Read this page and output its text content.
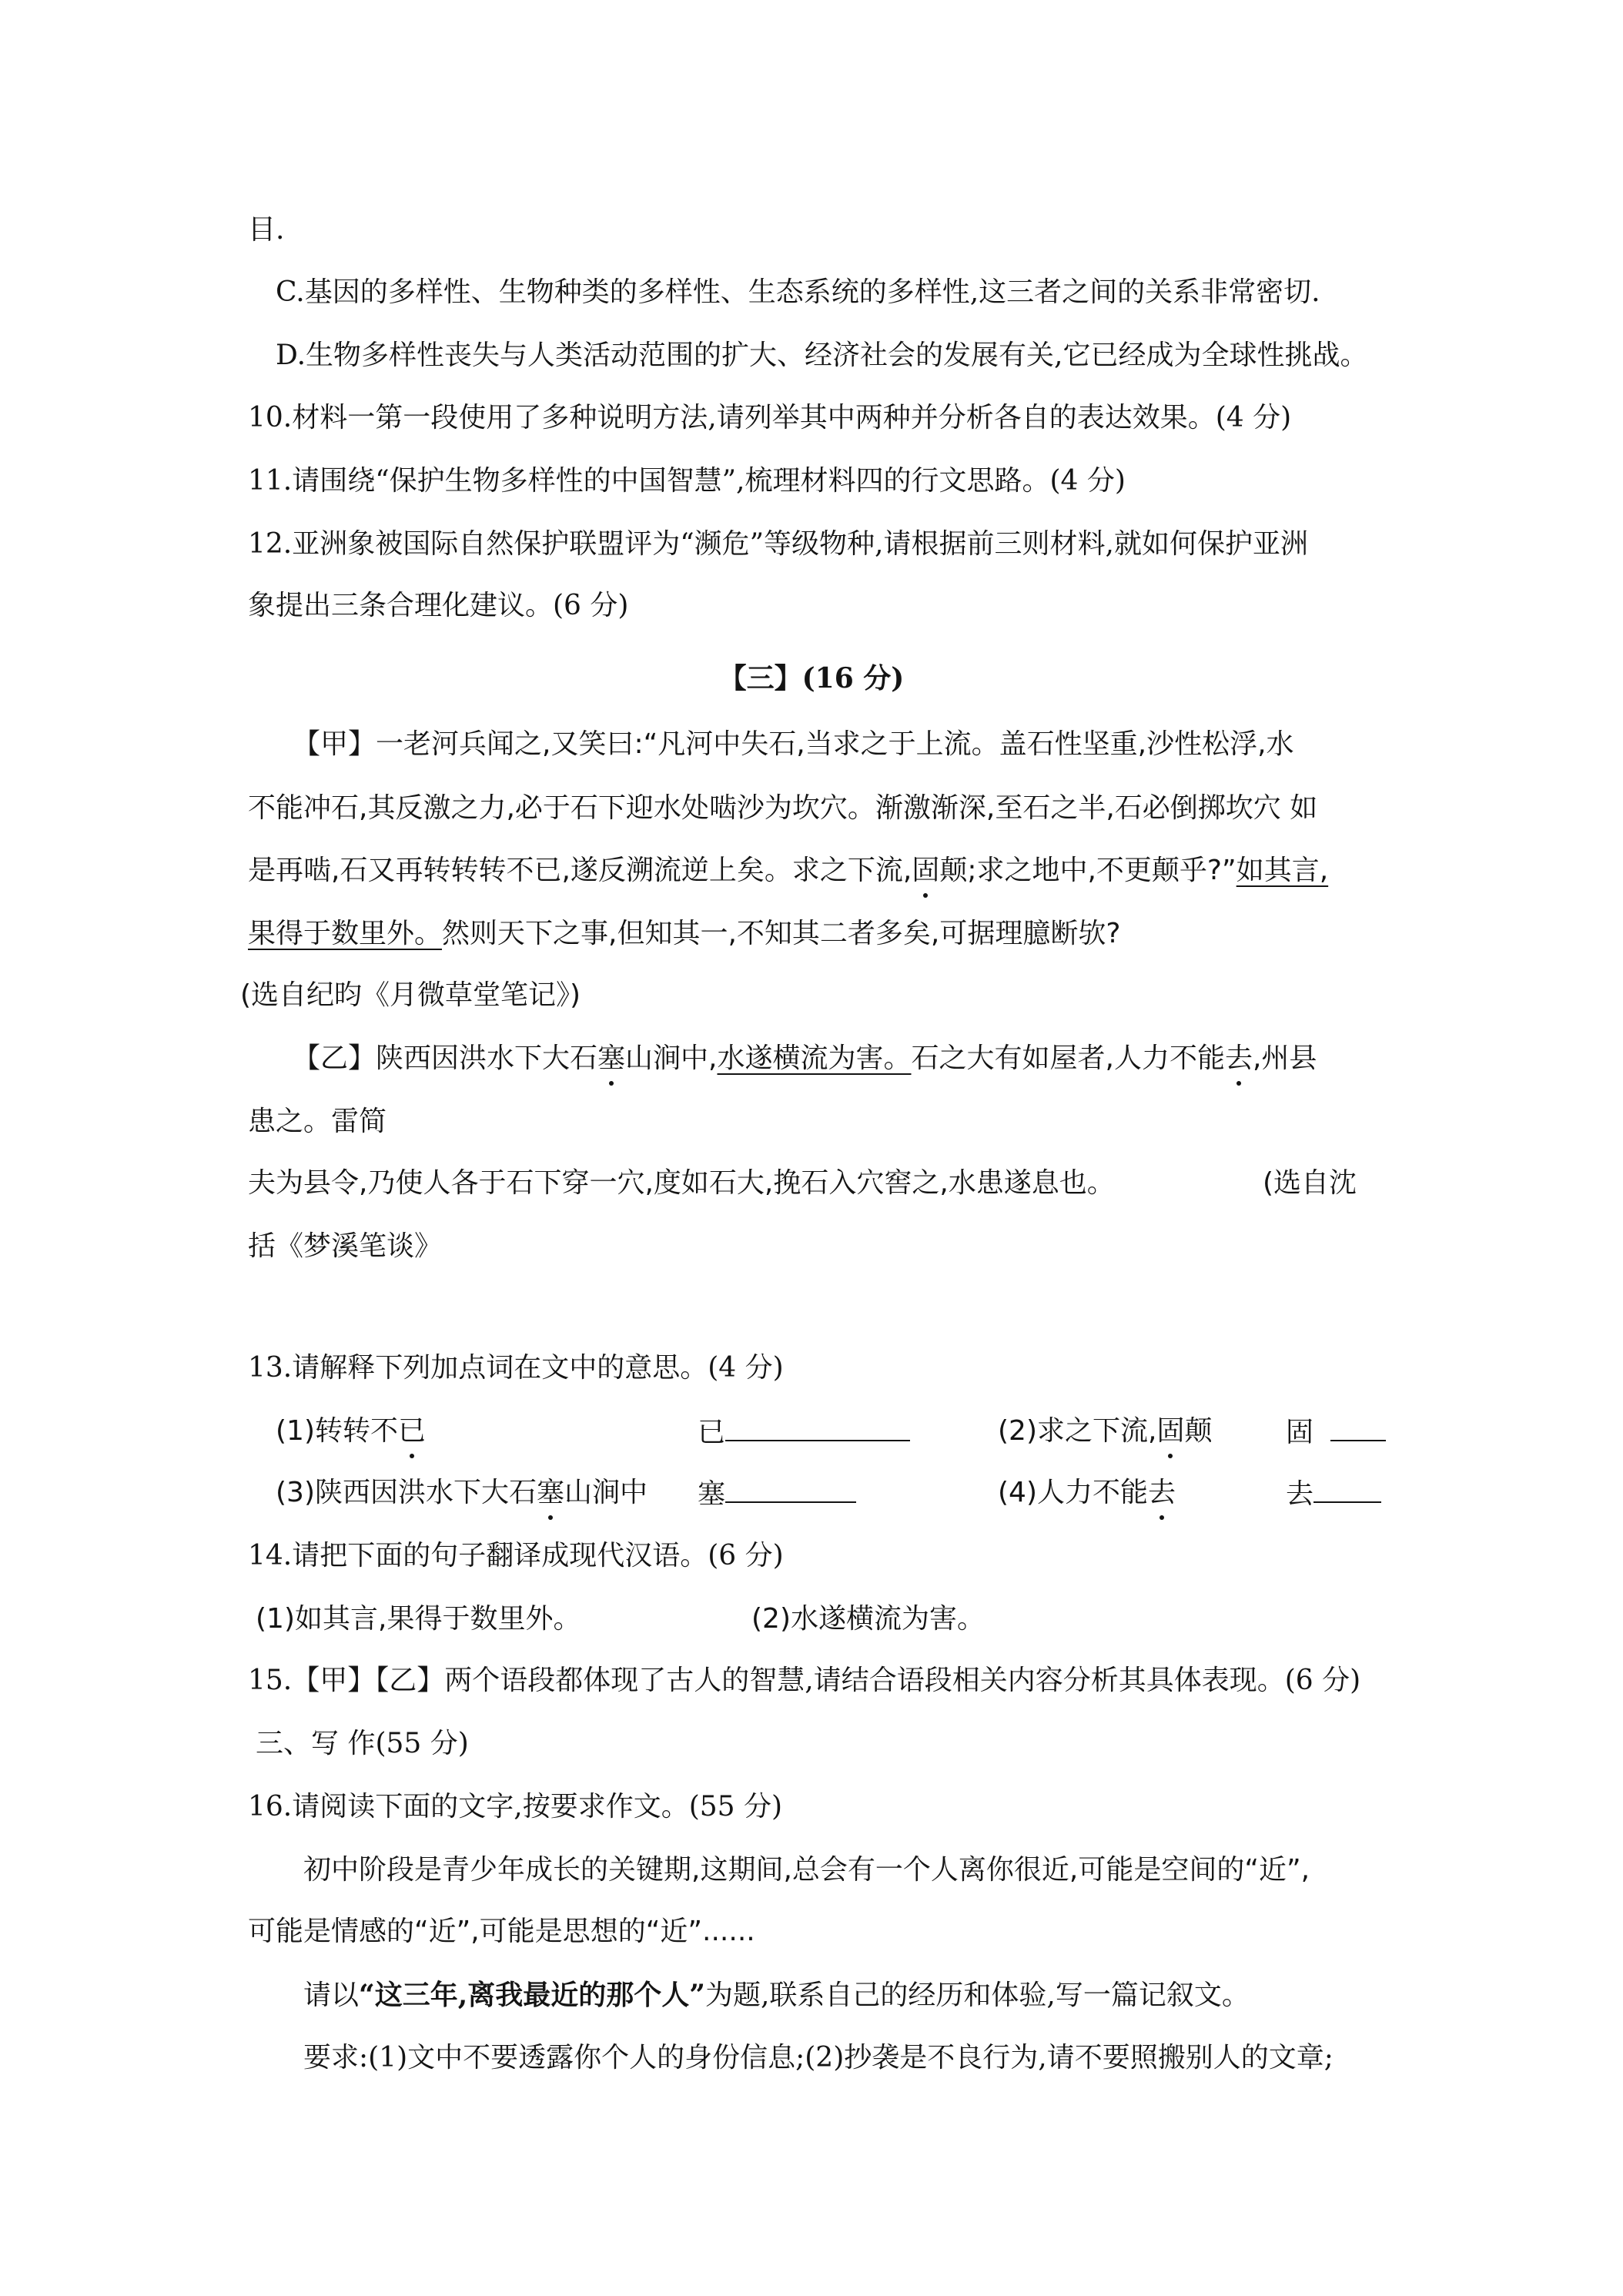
目.
C.基因的多样性、生物种类的多样性、生态系统的多样性,这三者之间的关系非常密切.
D.生物多样性丧失与人类活动范围的扩大、经济社会的发展有关,它已经成为全球性挑战。
10.材料一第一段使用了多种说明方法,请列举其中两种并分析各自的表达效果。(4 分)
11.请围绕“保护生物多样性的中国智慧”,梳理材料四的行文思路。(4 分)
12.亚洲象被国际自然保护联盟评为“濒危”等级物种,请根据前三则材料,就如何保护亚洲
象提出三条合理化建议。(6 分)
【三】(16 分)
【甲】一老河兵闻之,又笑曰:“凡河中失石,当求之于上流。盖石性坚重,沙性松浮,水
不能冲石,其反激之力,必于石下迎水处啮沙为坎穴。渐激渐深,至石之半,石必倒掷坎穴 如
是再啮,石又再转转转不已,遂反溯流逆上矣。求之下流,固颠;求之地中,不更颠乎?”如其言,
果得于数里外。然则天下之事,但知其一,不知其二者多矣,可据理臆断欤?
(选自纪昀《月微草堂笔记》)
【乙】陕西因洪水下大石塞山涧中,水遂横流为害。石之大有如屋者,人力不能去,州县
患之。雷简
夫为县令,乃使人各于石下穿一穴,度如石大,挽石入穴窖之,水患遂息也。	(选自沈
括《梦溪笔谈》
13.请解释下列加点词在文中的意思。(4 分)
(1)转转不已	已	(2)求之下流,固颠	固
(3)陕西因洪水下大石塞山涧中 塞	(4)人力不能去	去
14.请把下面的句子翻译成现代汉语。(6 分)
(1)如其言,果得于数里外。	(2)水遂横流为害。
15.【甲】【乙】两个语段都体现了古人的智慧,请结合语段相关内容分析其具体表现。(6 分)
三、写 作(55 分)
16.请阅读下面的文字,按要求作文。(55 分)
初中阶段是青少年成长的关键期,这期间,总会有一个人离你很近,可能是空间的“近”,
可能是情感的“近”,可能是思想的“近”......
请以“这三年,离我最近的那个人”为题,联系自己的经历和体验,写一篇记叙文。
要求:(1)文中不要透露你个人的身份信息;(2)抄袭是不良行为,请不要照搬别人的文章;
